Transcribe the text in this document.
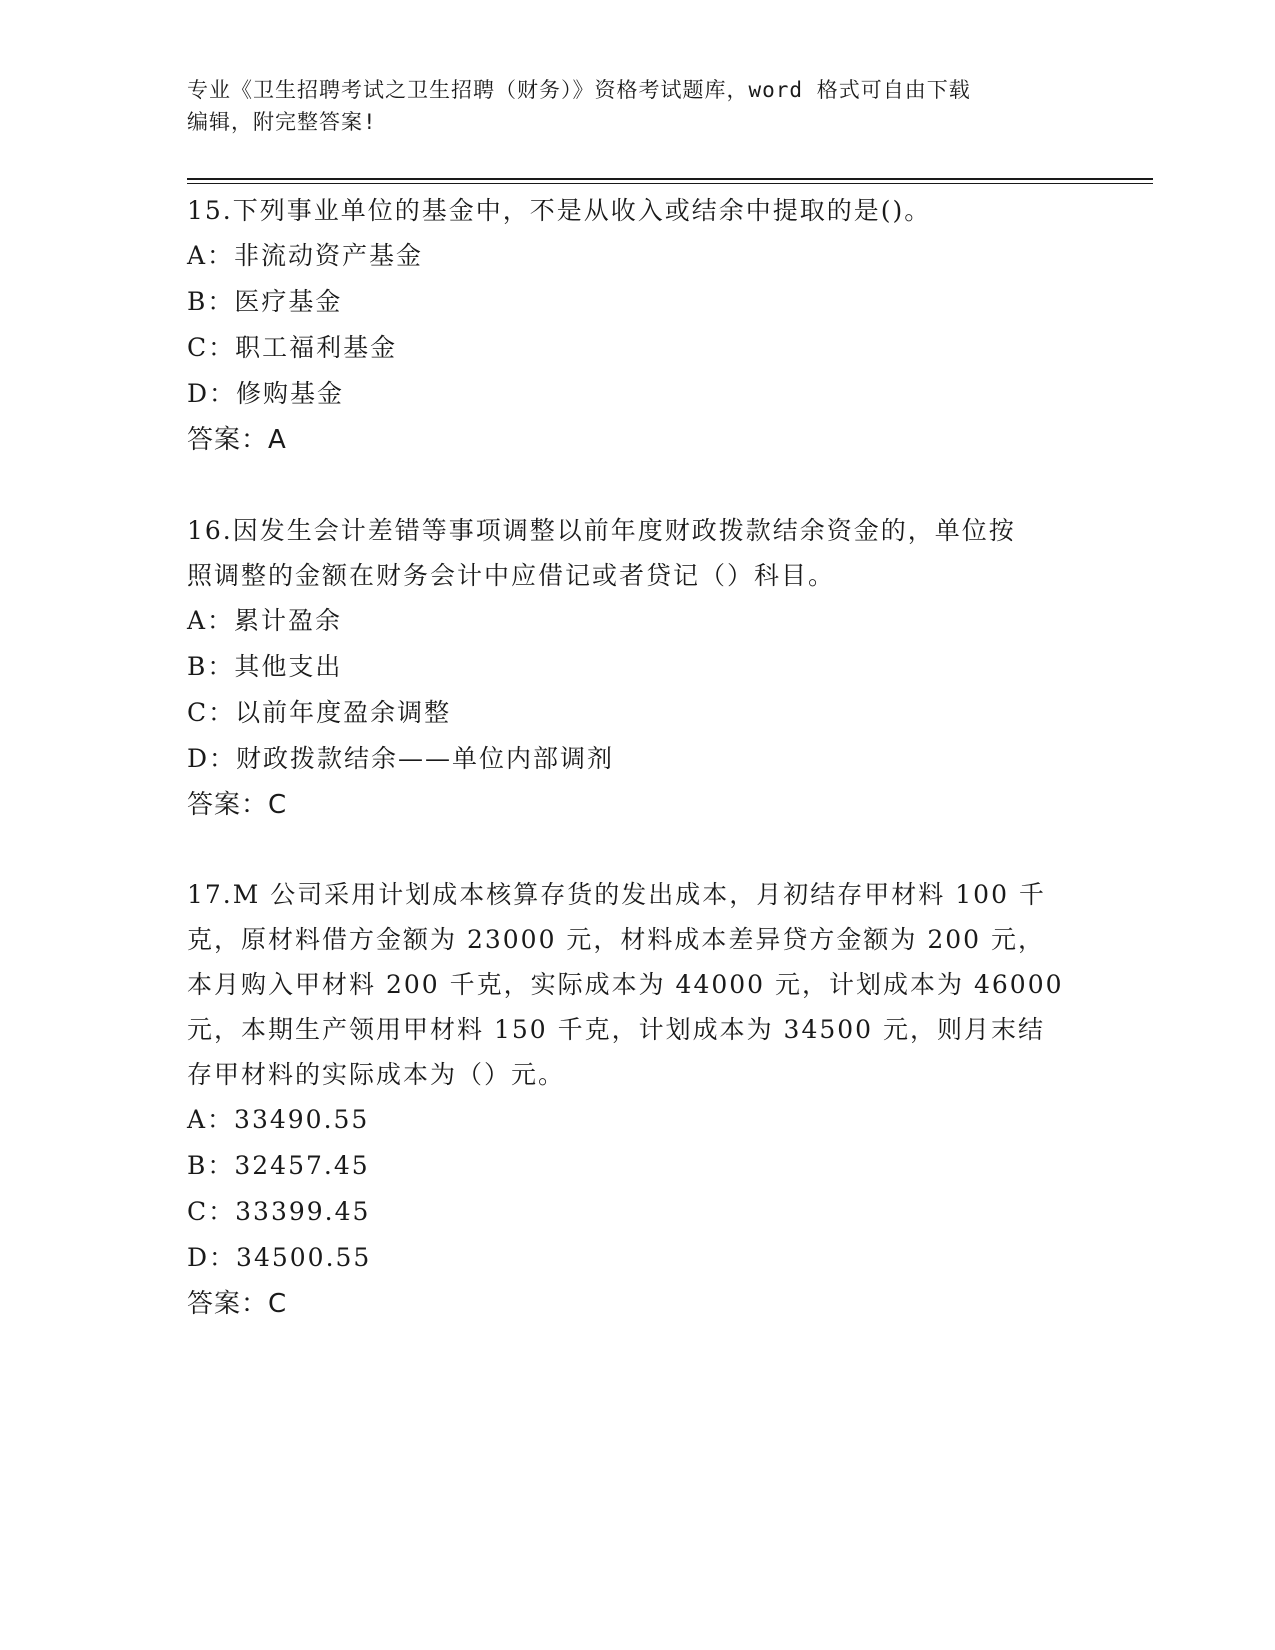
专业《卫生招聘考试之卫生招聘（财务）》资格考试题库，word 格式可自由下载
编辑，附完整答案!

15.下列事业单位的基金中，不是从收入或结余中提取的是()。

A：非流动资产基金

B：医疗基金

C：职工福利基金

D：修购基金

答案：A

16.因发生会计差错等事项调整以前年度财政拨款结余资金的，单位按

照调整的金额在财务会计中应借记或者贷记（）科目。

A：累计盈余

B：其他支出

C：以前年度盈余调整

D：财政拨款结余——单位内部调剂

答案：C

17.M 公司采用计划成本核算存货的发出成本，月初结存甲材料 100 千

克，原材料借方金额为 23000 元，材料成本差异贷方金额为 200 元，

本月购入甲材料 200 千克，实际成本为 44000 元，计划成本为 46000

元，本期生产领用甲材料 150 千克，计划成本为 34500 元，则月末结

存甲材料的实际成本为（）元。

A：33490.55

B：32457.45

C：33399.45

D：34500.55

答案：C
